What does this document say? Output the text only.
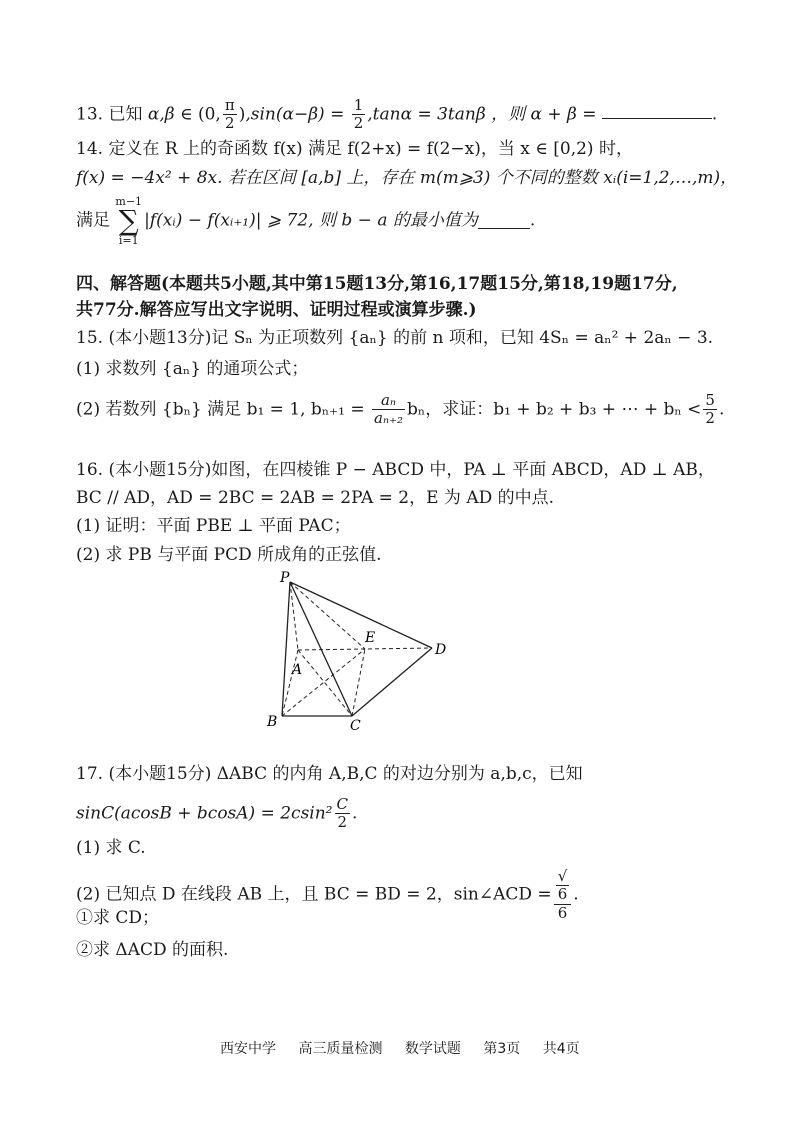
13. 已知 α,β ∈ (0, $\frac{\pi}{2} ),\sin(\alpha-\beta) = \frac{1}{2} ,\tan\alpha = 3\tan\beta$ ，则 α + β =	.
14. 定义在 R 上的奇函数 f(x) 满足 f(2+x) = f(2−x)，当 x ∈ [0,2) 时，
f(x) = −4x² + 8x. 若在区间 [a,b] 上，存在 m(m⩾3) 个不同的整数 xᵢ(i=1,2,…,m)，
满足 m−1
∑
i=1|f(xᵢ) − f(xᵢ₊₁)| ⩾ 72, 则 b − a 的最小值为	.
四、解答题(本题共5小题,其中第15题13分,第16,17题15分,第18,19题17分,
共77分.解答应写出文字说明、证明过程或演算步骤.)
15. (本小题13分)记 Sₙ 为正项数列 {aₙ} 的前 n 项和，已知 4Sₙ = aₙ² + 2aₙ − 3.
(1) 求数列 {aₙ} 的通项公式；
(2) 若数列 {bₙ} 满足 b₁ = 1, $b_{n+1} = \frac{\text{aₙ}}{\text{aₙ₊₂}}$ bₙ，求证：b₁ + b₂ + b₃ + ⋯ + $b_n < \frac{5}{2}$ .
16. (本小题15分)如图，在四棱锥 P − ABCD 中，PA ⊥ 平面 ABCD，AD ⊥ AB，
BC // AD，AD = 2BC = 2AB = 2PA = 2，E 为 AD 的中点.
(1) 证明：平面 PBE ⊥ 平面 PAC；
(2) 求 PB 与平面 PCD 所成角的正弦值.
P
E
D
A
B	C
17. (本小题15分) ΔABC 的内角 A,B,C 的对边分别为 a,b,c，已知
$\sin C(acosB + bcosA) = 2csin^2 \frac{C}{2}$ .
(1) 求 C.
(2) 已知点 D 在线段 AB 上，且 BC = BD = 2，sin∠ACD = √
6
6 .
①求 CD；
②求 ΔACD 的面积.
西安中学 高三质量检测 数学试题 第3页 共4页
